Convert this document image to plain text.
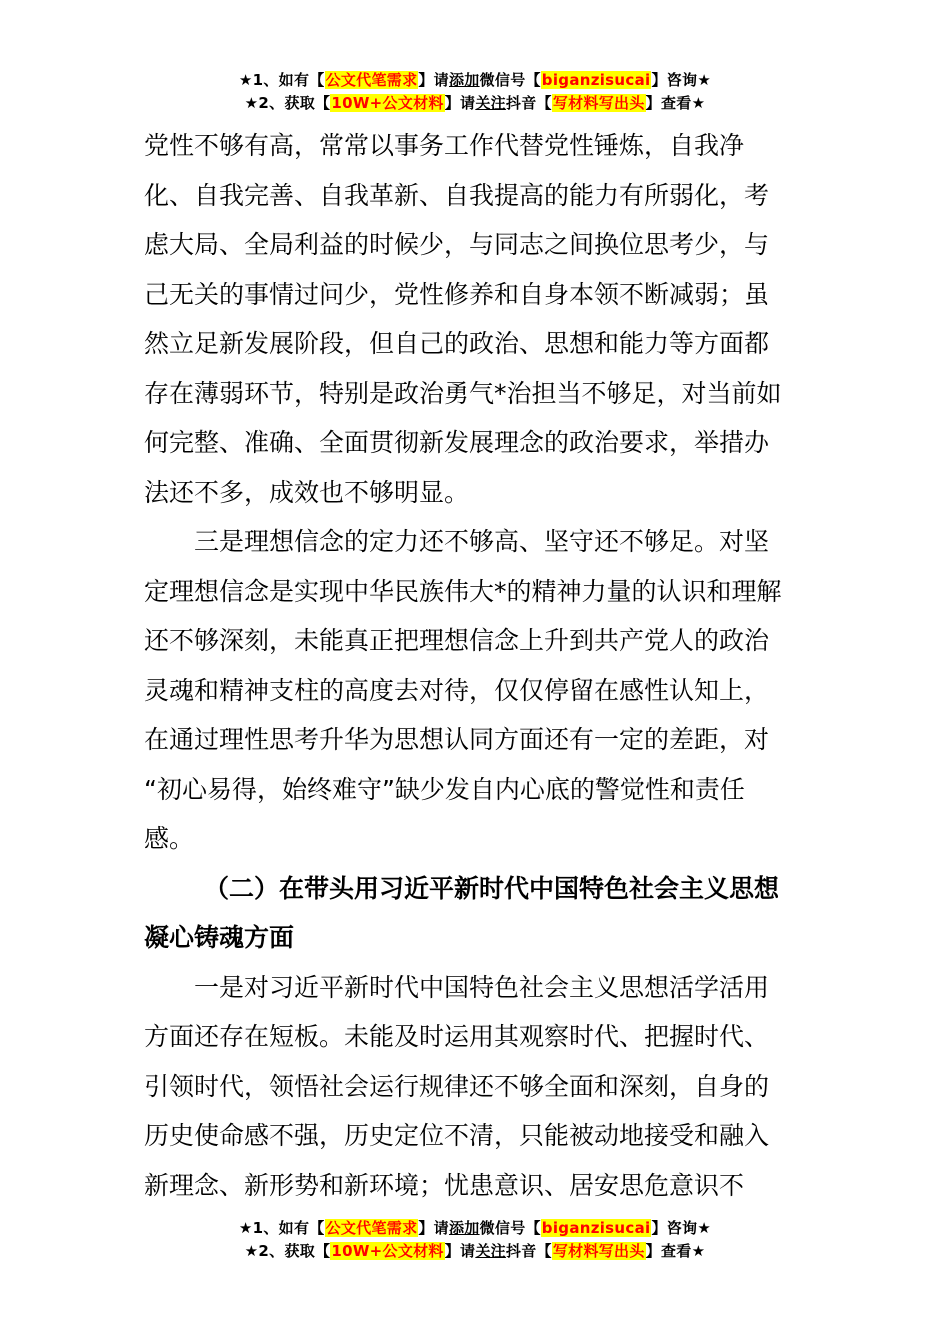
★1、如有【公文代笔需求】请添加微信号【biganzisucai】咨询★
★2、获取【10W+公文材料】请关注抖音【写材料写出头】查看★

党性不够有高，常常以事务工作代替党性锤炼，自我净
化、自我完善、自我革新、自我提高的能力有所弱化，考
虑大局、全局利益的时候少，与同志之间换位思考少，与
己无关的事情过问少，党性修养和自身本领不断减弱；虽
然立足新发展阶段，但自己的政治、思想和能力等方面都
存在薄弱环节，特别是政治勇气*治担当不够足，对当前如
何完整、准确、全面贯彻新发展理念的政治要求，举措办
法还不多，成效也不够明显。

三是理想信念的定力还不够高、坚守还不够足。对坚
定理想信念是实现中华民族伟大*的精神力量的认识和理解
还不够深刻，未能真正把理想信念上升到共产党人的政治
灵魂和精神支柱的高度去对待，仅仅停留在感性认知上，
在通过理性思考升华为思想认同方面还有一定的差距，对
“初心易得，始终难守”缺少发自内心底的警觉性和责任
感。

（二）在带头用习近平新时代中国特色社会主义思想
凝心铸魂方面

一是对习近平新时代中国特色社会主义思想活学活用
方面还存在短板。未能及时运用其观察时代、把握时代、
引领时代，领悟社会运行规律还不够全面和深刻，自身的
历史使命感不强，历史定位不清，只能被动地接受和融入
新理念、新形势和新环境；忧患意识、居安思危意识不

★1、如有【公文代笔需求】请添加微信号【biganzisucai】咨询★
★2、获取【10W+公文材料】请关注抖音【写材料写出头】查看★
